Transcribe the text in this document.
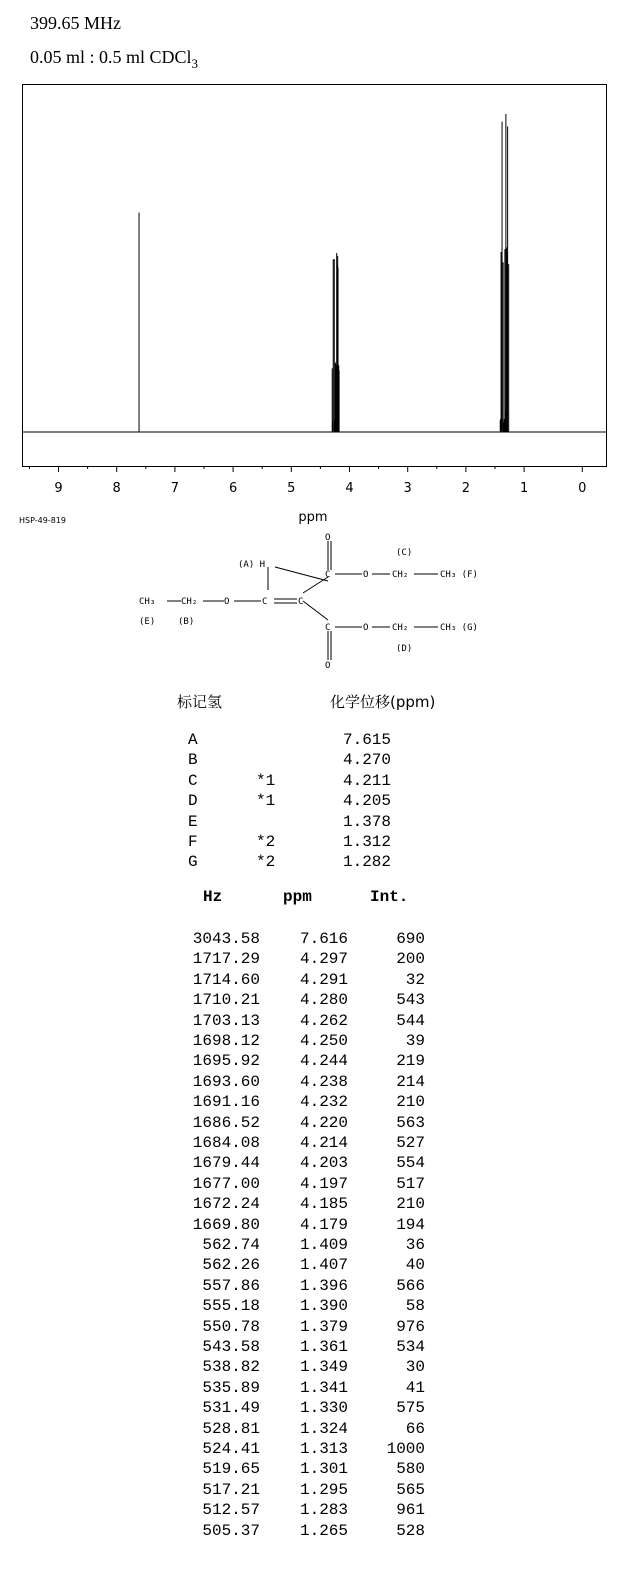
399.65 MHz
0.05 ml : 0.5 ml CDCl$_3$
9	8	7	6	5	4	3	2	1	0
ppm
HSP-49-819
O
(A) H
(C)
O	CH₂	CH₃ (F)
CH₃	CH₂	O	C	C
C
(E)	(B)
C	O	CH₂	CH₃ (G)
O
(D)
标记氢	化学位移(ppm)
A	7.615
B	4.270
C	*1	4.211
D	*1	4.205
E	1.378
F	*2	1.312
G	*2	1.282
Hz	ppm	Int.
3043.58	7.616	690
1717.29	4.297	200
1714.60	4.291	32
1710.21	4.280	543
1703.13	4.262	544
1698.12	4.250	39
1695.92	4.244	219
1693.60	4.238	214
1691.16	4.232	210
1686.52	4.220	563
1684.08	4.214	527
1679.44	4.203	554
1677.00	4.197	517
1672.24	4.185	210
1669.80	4.179	194
562.74	1.409	36
562.26	1.407	40
557.86	1.396	566
555.18	1.390	58
550.78	1.379	976
543.58	1.361	534
538.82	1.349	30
535.89	1.341	41
531.49	1.330	575
528.81	1.324	66
524.41	1.313	1000
519.65	1.301	580
517.21	1.295	565
512.57	1.283	961
505.37	1.265	528
